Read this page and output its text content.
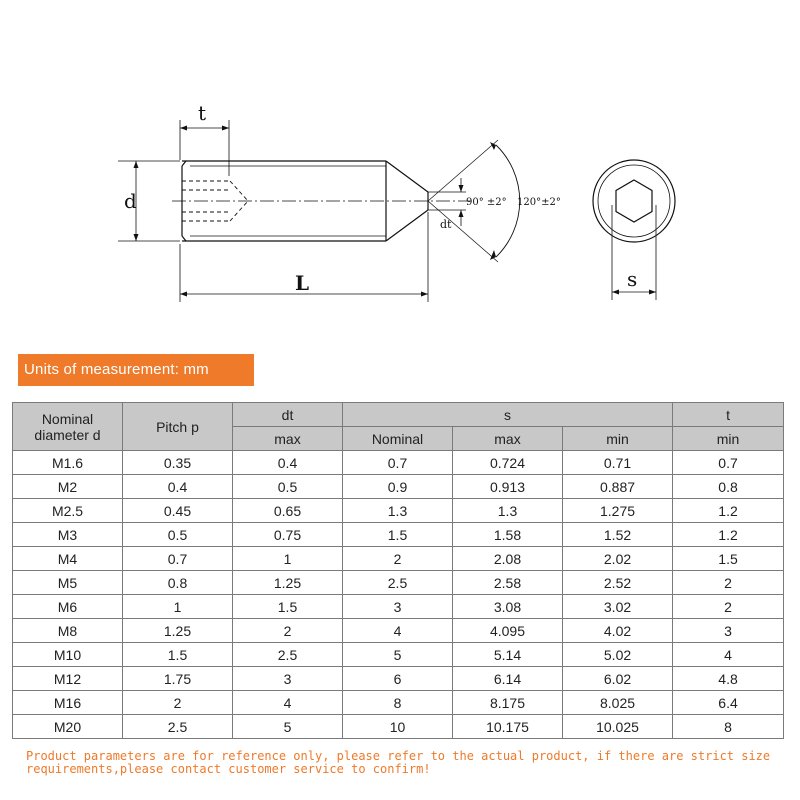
t
d
L
dt
s
90° ±2° 120°±2°
Units of measurement: mm
Nominal diameter d	Pitch p	dt	s			t
		max	Nominal	max	min	min
M1.6	0.35	0.4	0.7	0.724	0.71	0.7
M2	0.4	0.5	0.9	0.913	0.887	0.8
M2.5	0.45	0.65	1.3	1.3	1.275	1.2
M3	0.5	0.75	1.5	1.58	1.52	1.2
M4	0.7	1	2	2.08	2.02	1.5
M5	0.8	1.25	2.5	2.58	2.52	2
M6	1	1.5	3	3.08	3.02	2
M8	1.25	2	4	4.095	4.02	3
M10	1.5	2.5	5	5.14	5.02	4
M12	1.75	3	6	6.14	6.02	4.8
M16	2	4	8	8.175	8.025	6.4
M20	2.5	5	10	10.175	10.025	8
Product parameters are for reference only, please refer to the actual product, if there are strict size
requirements,please contact customer service to confirm!
